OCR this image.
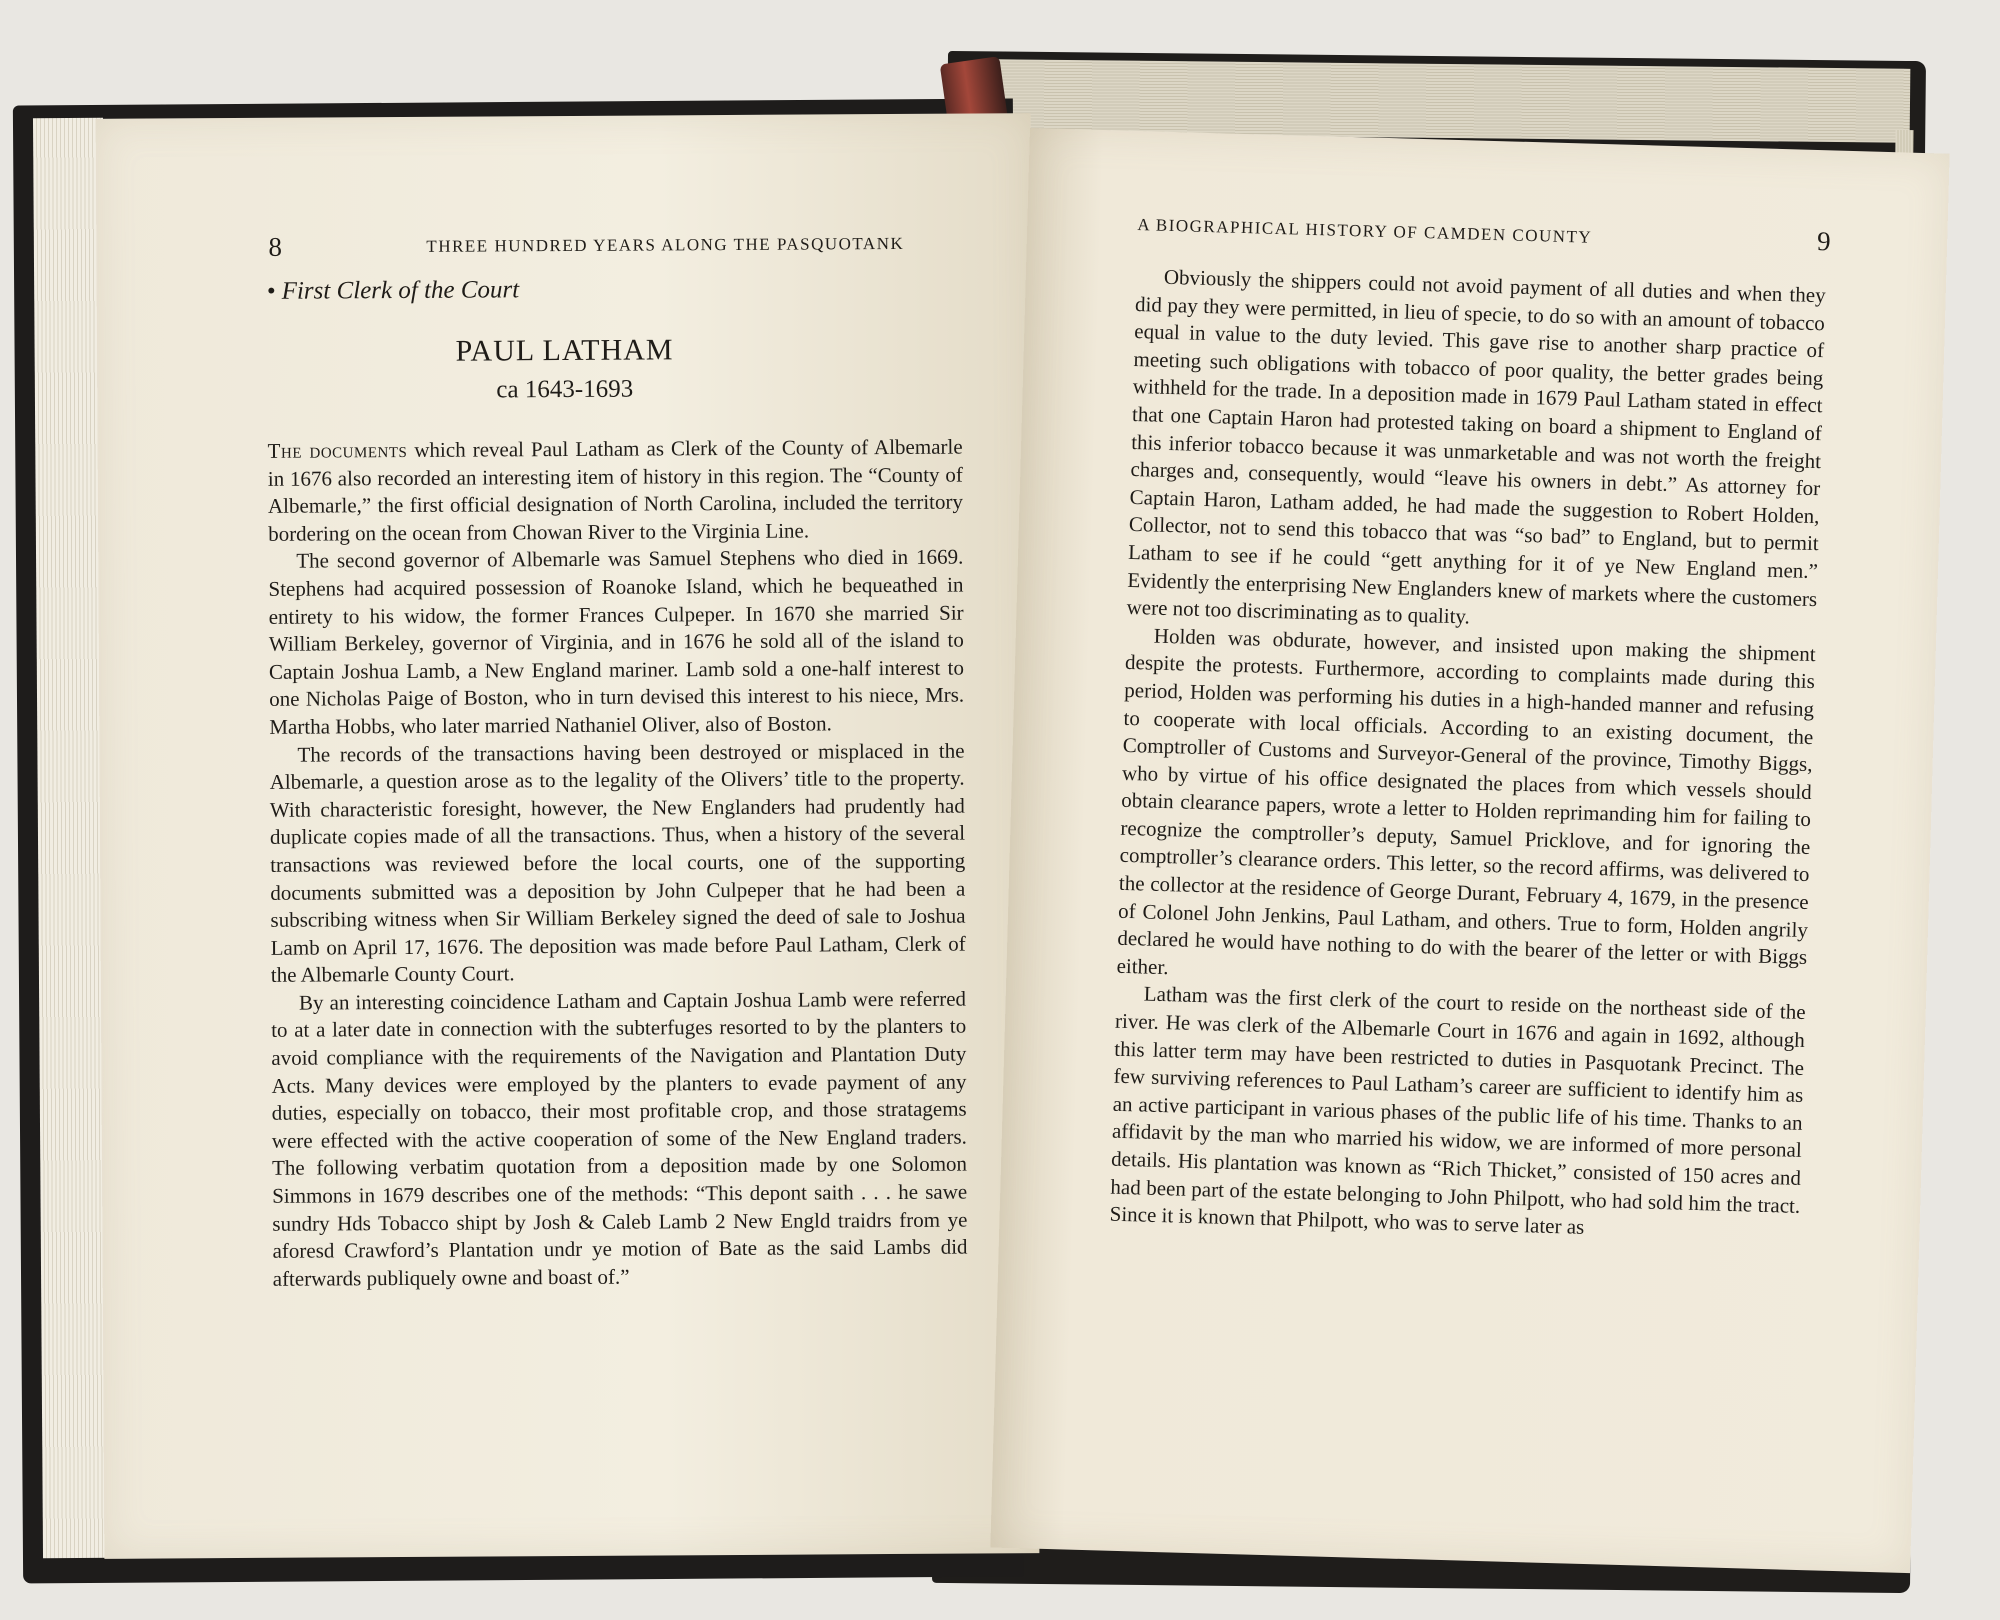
8	THREE HUNDRED YEARS ALONG THE PASQUOTANK
• First Clerk of the Court
PAUL LATHAM
ca 1643-1693

The documents which reveal Paul Latham as Clerk of the County of Albemarle in 1676 also recorded an interesting item of history in this region. The “County of Albemarle,” the first official designation of North Carolina, included the territory bordering on the ocean from Chowan River to the Virginia Line.

The second governor of Albemarle was Samuel Stephens who died in 1669. Stephens had acquired possession of Roanoke Island, which he bequeathed in entirety to his widow, the former Frances Culpeper. In 1670 she married Sir William Berkeley, governor of Virginia, and in 1676 he sold all of the island to Captain Joshua Lamb, a New England mariner. Lamb sold a one-half interest to one Nicholas Paige of Boston, who in turn devised this interest to his niece, Mrs. Martha Hobbs, who later married Nathaniel Oliver, also of Boston.

The records of the transactions having been destroyed or misplaced in the Albemarle, a question arose as to the legality of the Olivers’ title to the property. With characteristic foresight, however, the New Englanders had prudently had duplicate copies made of all the transactions. Thus, when a history of the several transactions was reviewed before the local courts, one of the supporting documents submitted was a deposition by John Culpeper that he had been a subscribing witness when Sir William Berkeley signed the deed of sale to Joshua Lamb on April 17, 1676. The deposition was made before Paul Latham, Clerk of the Albemarle County Court.

By an interesting coincidence Latham and Captain Joshua Lamb were referred to at a later date in connection with the subterfuges resorted to by the planters to avoid compliance with the requirements of the Navigation and Plantation Duty Acts. Many devices were employed by the planters to evade payment of any duties, especially on tobacco, their most profitable crop, and those stratagems were effected with the active cooperation of some of the New England traders. The following verbatim quotation from a deposition made by one Solomon Simmons in 1679 describes one of the methods: “This depont saith . . . he sawe sundry Hds Tobacco shipt by Josh & Caleb Lamb 2 New Engld traidrs from ye aforesd Crawford’s Plantation undr ye motion of Bate as the said Lambs did afterwards publiquely owne and boast of.”

A BIOGRAPHICAL HISTORY OF CAMDEN COUNTY	9

Obviously the shippers could not avoid payment of all duties and when they did pay they were permitted, in lieu of specie, to do so with an amount of tobacco equal in value to the duty levied. This gave rise to another sharp practice of meeting such obligations with tobacco of poor quality, the better grades being withheld for the trade. In a deposition made in 1679 Paul Latham stated in effect that one Captain Haron had protested taking on board a shipment to England of this inferior tobacco because it was unmarketable and was not worth the freight charges and, consequently, would “leave his owners in debt.” As attorney for Captain Haron, Latham added, he had made the suggestion to Robert Holden, Collector, not to send this tobacco that was “so bad” to England, but to permit Latham to see if he could “gett anything for it of ye New England men.” Evidently the enterprising New Englanders knew of markets where the customers were not too discriminating as to quality.

Holden was obdurate, however, and insisted upon making the shipment despite the protests. Furthermore, according to complaints made during this period, Holden was performing his duties in a high-handed manner and refusing to cooperate with local officials. According to an existing document, the Comptroller of Customs and Surveyor-General of the province, Timothy Biggs, who by virtue of his office designated the places from which vessels should obtain clearance papers, wrote a letter to Holden reprimanding him for failing to recognize the comptroller’s deputy, Samuel Pricklove, and for ignoring the comptroller’s clearance orders. This letter, so the record affirms, was delivered to the collector at the residence of George Durant, February 4, 1679, in the presence of Colonel John Jenkins, Paul Latham, and others. True to form, Holden angrily declared he would have nothing to do with the bearer of the letter or with Biggs either.

Latham was the first clerk of the court to reside on the northeast side of the river. He was clerk of the Albemarle Court in 1676 and again in 1692, although this latter term may have been restricted to duties in Pasquotank Precinct. The few surviving references to Paul Latham’s career are sufficient to identify him as an active participant in various phases of the public life of his time. Thanks to an affidavit by the man who married his widow, we are informed of more personal details. His plantation was known as “Rich Thicket,” consisted of 150 acres and had been part of the estate belonging to John Philpott, who had sold him the tract. Since it is known that Philpott, who was to serve later as
